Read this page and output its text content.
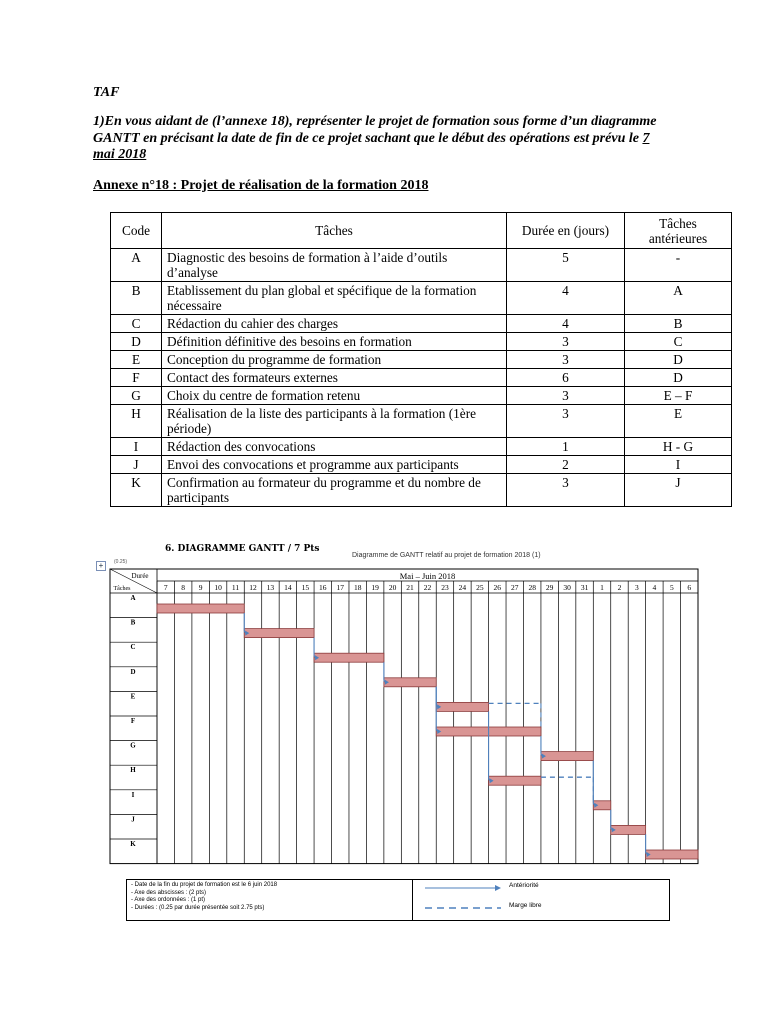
TAF
1)En vous aidant de (l’annexe 18), représenter le projet de formation sous forme d’un diagramme GANTT en précisant la date de fin de ce projet sachant que le début des opérations est prévu le 7 mai 2018
Annexe n°18 : Projet de réalisation de la formation 2018
Code	Tâches	Durée en (jours)	Tâches antérieures
A	Diagnostic des besoins de formation à l’aide d’outils d’analyse	5	-
B	Etablissement du plan global et spécifique de la formation nécessaire	4	A
C	Rédaction du cahier des charges	4	B
D	Définition définitive des besoins en formation	3	C
E	Conception du programme de formation	3	D
F	Contact des formateurs externes	6	D
G	Choix du centre de formation retenu	3	E – F
H	Réalisation de la liste des participants à la formation (1ère période)	3	E
I	Rédaction des convocations	1	H - G
J	Envoi des convocations et programme aux participants	2	I
K	Confirmation au formateur du programme et du nombre de participants	3	J
6. DIAGRAMME GANTT / 7 Pts
Diagramme de GANTT relatif au projet de formation 2018 (1)
+	(0.25)
Durée
Tâches
Mai – Juin 2018
7 8 9 10 11 12 13 14 15 16 17 18 19 20 21 22 23 24 25 26 27 28 29 30 31 1 2 3 4 5 6
A
B
C
D
E
F
G
H
I
J
K
- Date de la fin du projet de formation est le 6 juin 2018
- Axe des abscisses : (2 pts)
- Axe des ordonnées : (1 pt)
- Durées : (0.25 par durée présentée soit 2.75 pts)
Antériorité
Marge libre
